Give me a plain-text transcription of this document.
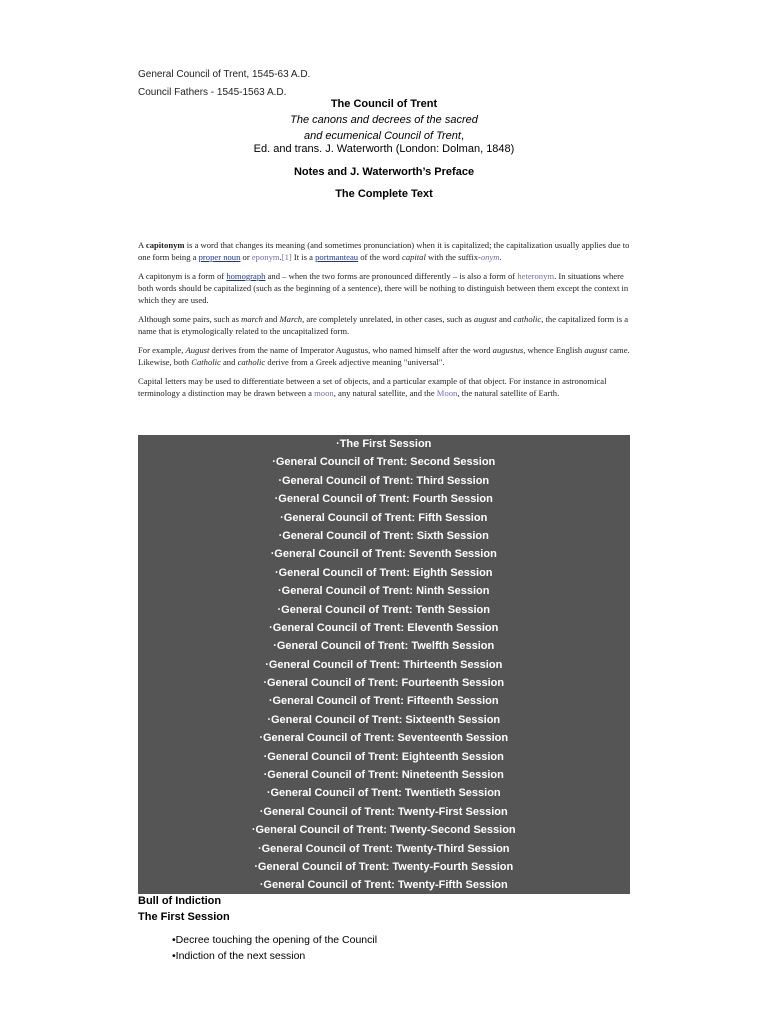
General Council of Trent, 1545-63 A.D.
Council Fathers - 1545-1563 A.D.
The Council of Trent
The canons and decrees of the sacred
and ecumenical Council of Trent,
Ed. and trans. J. Waterworth (London: Dolman, 1848)
Notes and J. Waterworth’s Preface
The Complete Text

A capitonym is a word that changes its meaning (and sometimes pronunciation) when it is capitalized; the capitalization usually applies due to one form being a proper noun or eponym.[1] It is a portmanteau of the word capital with the suffix-onym.

A capitonym is a form of homograph and – when the two forms are pronounced differently – is also a form of heteronym. In situations where both words should be capitalized (such as the beginning of a sentence), there will be nothing to distinguish between them except the context in which they are used.

Although some pairs, such as march and March, are completely unrelated, in other cases, such as august and catholic, the capitalized form is a name that is etymologically related to the uncapitalized form.

For example, August derives from the name of Imperator Augustus, who named himself after the word augustus, whence English august came. Likewise, both Catholic and catholic derive from a Greek adjective meaning "universal".

Capital letters may be used to differentiate between a set of objects, and a particular example of that object. For instance in astronomical terminology a distinction may be drawn between a moon, any natural satellite, and the Moon, the natural satellite of Earth.

•The First Session
•General Council of Trent: Second Session
•General Council of Trent: Third Session
•General Council of Trent: Fourth Session
•General Council of Trent: Fifth Session
•General Council of Trent: Sixth Session
•General Council of Trent: Seventh Session
•General Council of Trent: Eighth Session
•General Council of Trent: Ninth Session
•General Council of Trent: Tenth Session
•General Council of Trent: Eleventh Session
•General Council of Trent: Twelfth Session
•General Council of Trent: Thirteenth Session
•General Council of Trent: Fourteenth Session
•General Council of Trent: Fifteenth Session
•General Council of Trent: Sixteenth Session
•General Council of Trent: Seventeenth Session
•General Council of Trent: Eighteenth Session
•General Council of Trent: Nineteenth Session
•General Council of Trent: Twentieth Session
•General Council of Trent: Twenty-First Session
•General Council of Trent: Twenty-Second Session
•General Council of Trent: Twenty-Third Session
•General Council of Trent: Twenty-Fourth Session
•General Council of Trent: Twenty-Fifth Session
Bull of Indiction
The First Session
•Decree touching the opening of the Council
•Indiction of the next session
